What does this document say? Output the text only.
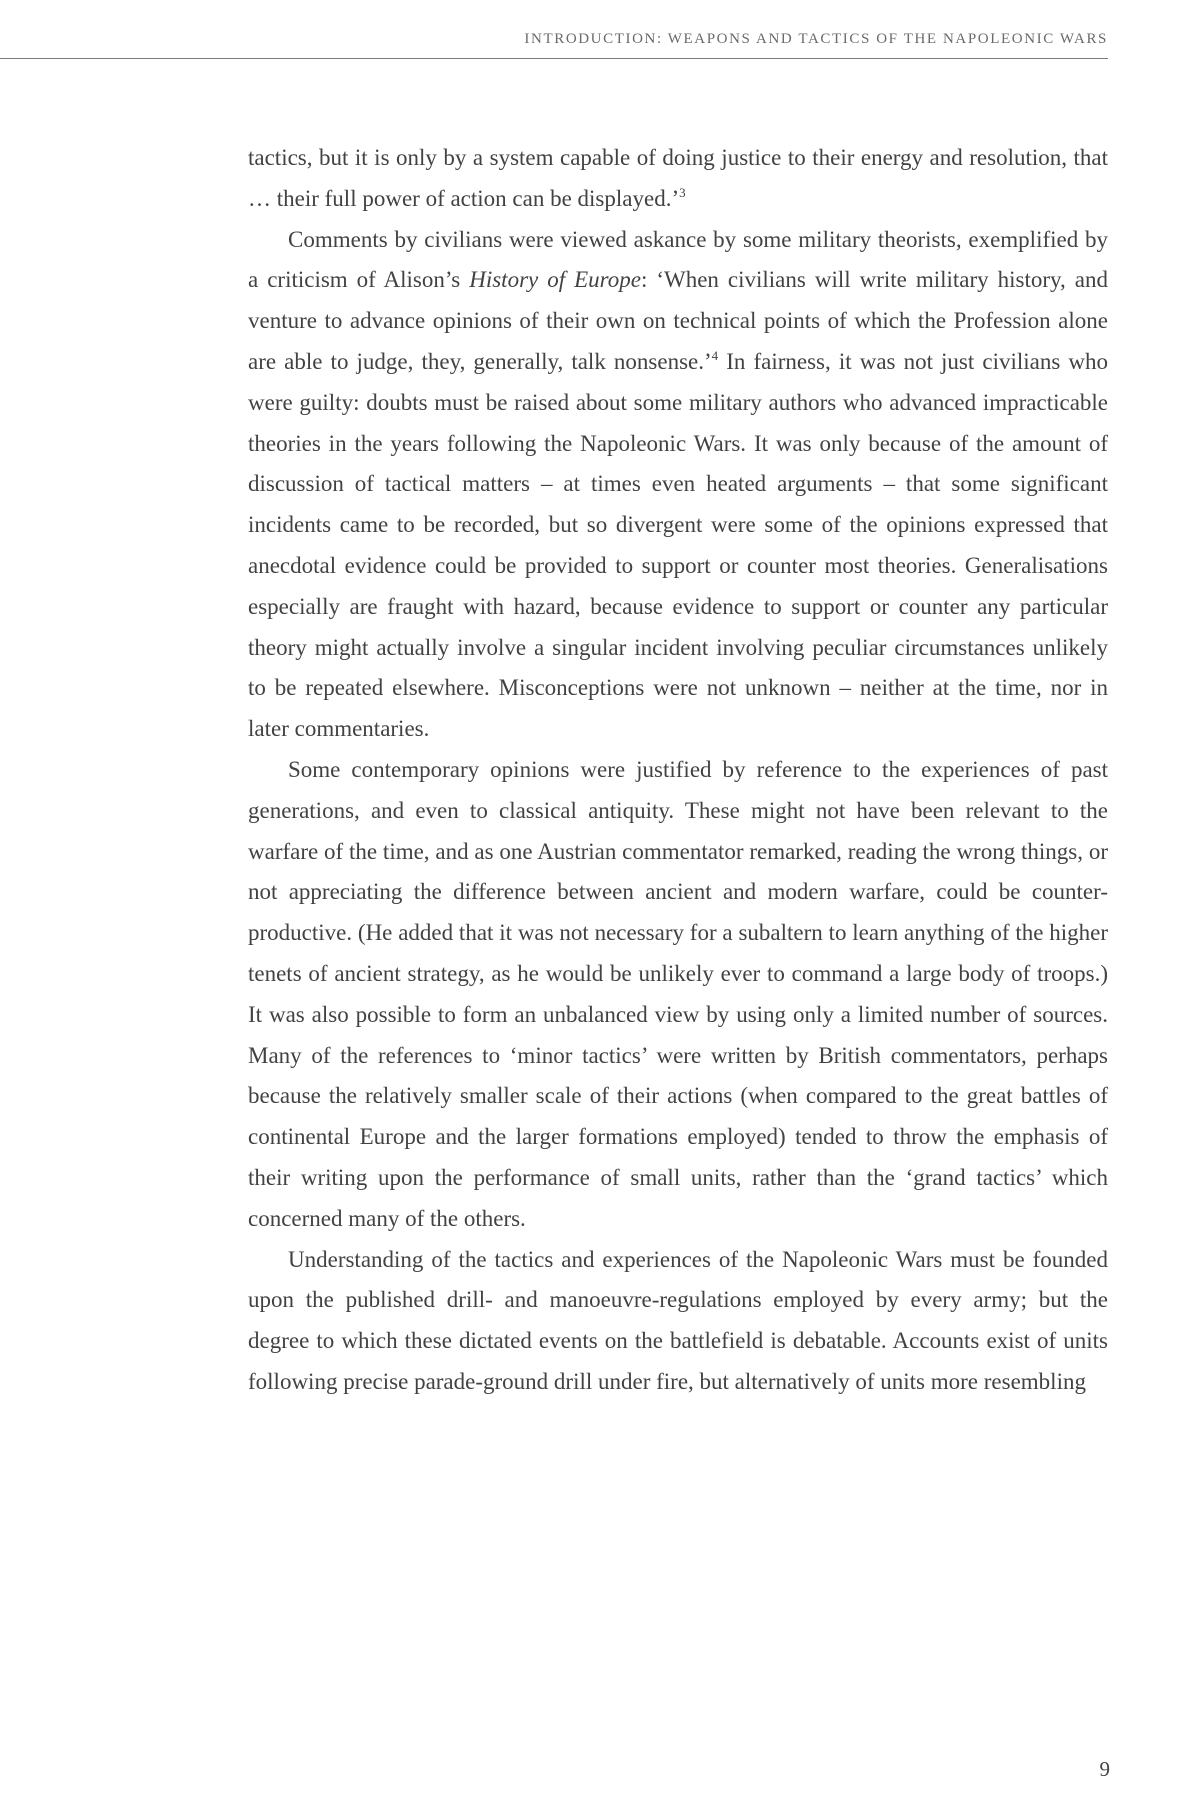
INTRODUCTION: WEAPONS AND TACTICS OF THE NAPOLEONIC WARS

tactics, but it is only by a system capable of doing justice to their energy and resolution, that … their full power of action can be displayed.’$^3$

Comments by civilians were viewed askance by some military theorists, exemplified by a criticism of Alison’s History of Europe: ‘When civilians will write military history, and venture to advance opinions of their own on technical points of which the Profession alone are able to judge, they, generally, talk nonsense.’$^4$ In fairness, it was not just civilians who were guilty: doubts must be raised about some military authors who advanced impracticable theories in the years following the Napoleonic Wars. It was only because of the amount of discussion of tactical matters – at times even heated arguments – that some significant incidents came to be recorded, but so divergent were some of the opinions expressed that anecdotal evidence could be provided to support or counter most theories. Generalisations especially are fraught with hazard, because evidence to support or counter any particular theory might actually involve a singular incident involving peculiar circumstances unlikely to be repeated elsewhere. Misconceptions were not unknown – neither at the time, nor in later commentaries.

Some contemporary opinions were justified by reference to the experiences of past generations, and even to classical antiquity. These might not have been relevant to the warfare of the time, and as one Austrian commentator remarked, reading the wrong things, or not appreciating the difference between ancient and modern warfare, could be counter-productive. (He added that it was not necessary for a subaltern to learn anything of the higher tenets of ancient strategy, as he would be unlikely ever to command a large body of troops.) It was also possible to form an unbalanced view by using only a limited number of sources. Many of the references to ‘minor tactics’ were written by British commentators, perhaps because the relatively smaller scale of their actions (when compared to the great battles of continental Europe and the larger formations employed) tended to throw the emphasis of their writing upon the performance of small units, rather than the ‘grand tactics’ which concerned many of the others.

Understanding of the tactics and experiences of the Napoleonic Wars must be founded upon the published drill- and manoeuvre-regulations employed by every army; but the degree to which these dictated events on the battlefield is debatable. Accounts exist of units following precise parade-ground drill under fire, but alternatively of units more resembling

9
